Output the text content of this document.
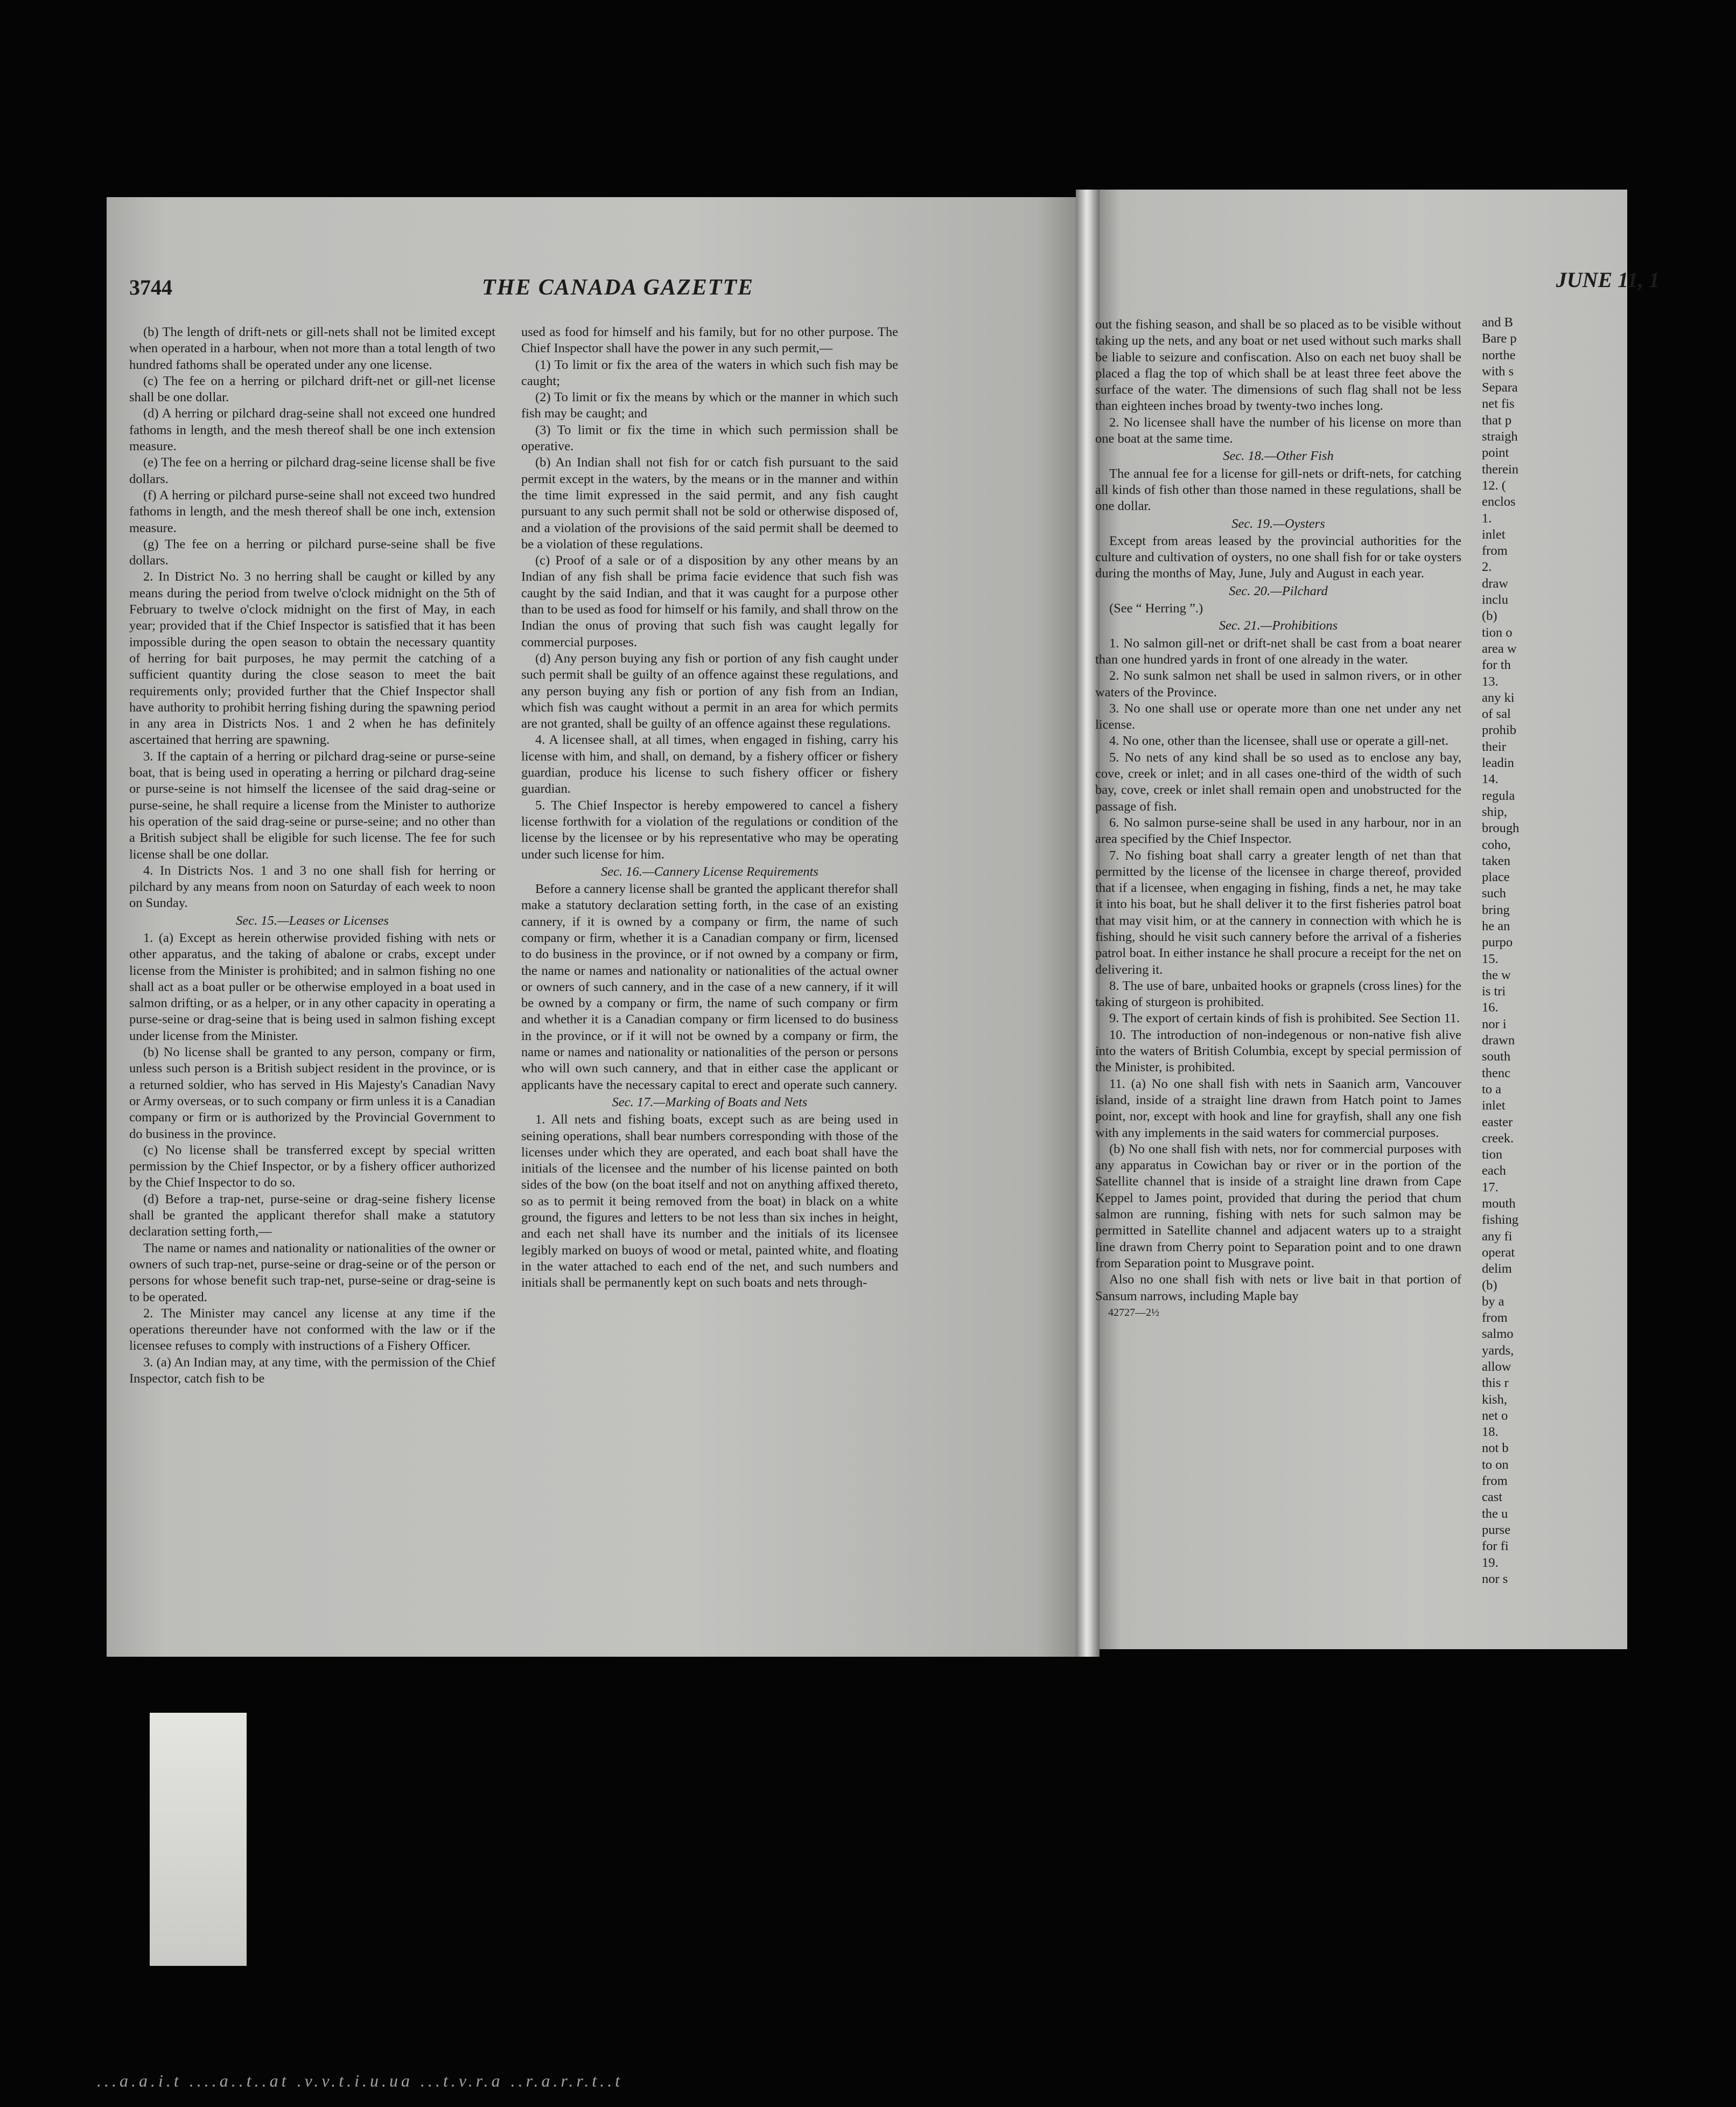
3744	THE CANADA GAZETTE

(b) The length of drift-nets or gill-nets shall not be limited except when operated in a harbour, when not more than a total length of two hundred fathoms shall be operated under any one license.

(c) The fee on a herring or pilchard drift-net or gill-net license shall be one dollar.

(d) A herring or pilchard drag-seine shall not exceed one hundred fathoms in length, and the mesh thereof shall be one inch extension measure.

(e) The fee on a herring or pilchard drag-seine license shall be five dollars.

(f) A herring or pilchard purse-seine shall not exceed two hundred fathoms in length, and the mesh thereof shall be one inch, extension measure.

(g) The fee on a herring or pilchard purse-seine shall be five dollars.

2. In District No. 3 no herring shall be caught or killed by any means during the period from twelve o'clock midnight on the 5th of February to twelve o'clock midnight on the first of May, in each year; provided that if the Chief Inspector is satisfied that it has been impossible during the open season to obtain the necessary quantity of herring for bait purposes, he may permit the catching of a sufficient quantity during the close season to meet the bait requirements only; provided further that the Chief Inspector shall have authority to prohibit herring fishing during the spawning period in any area in Districts Nos. 1 and 2 when he has definitely ascertained that herring are spawning.

3. If the captain of a herring or pilchard drag-seine or purse-seine boat, that is being used in operating a herring or pilchard drag-seine or purse-seine is not himself the licensee of the said drag-seine or purse-seine, he shall require a license from the Minister to authorize his operation of the said drag-seine or purse-seine; and no other than a British subject shall be eligible for such license. The fee for such license shall be one dollar.

4. In Districts Nos. 1 and 3 no one shall fish for herring or pilchard by any means from noon on Saturday of each week to noon on Sunday.

Sec. 15.—Leases or Licenses

1. (a) Except as herein otherwise provided fishing with nets or other apparatus, and the taking of abalone or crabs, except under license from the Minister is prohibited; and in salmon fishing no one shall act as a boat puller or be otherwise employed in a boat used in salmon drifting, or as a helper, or in any other capacity in operating a purse-seine or drag-seine that is being used in salmon fishing except under license from the Minister.

(b) No license shall be granted to any person, company or firm, unless such person is a British subject resident in the province, or is a returned soldier, who has served in His Majesty's Canadian Navy or Army overseas, or to such company or firm unless it is a Canadian company or firm or is authorized by the Provincial Government to do business in the province.

(c) No license shall be transferred except by special written permission by the Chief Inspector, or by a fishery officer authorized by the Chief Inspector to do so.

(d) Before a trap-net, purse-seine or drag-seine fishery license shall be granted the applicant therefor shall make a statutory declaration setting forth,—

The name or names and nationality or nationalities of the owner or owners of such trap-net, purse-seine or drag-seine or of the person or persons for whose benefit such trap-net, purse-seine or drag-seine is to be operated.

2. The Minister may cancel any license at any time if the operations thereunder have not conformed with the law or if the licensee refuses to comply with instructions of a Fishery Officer.

3. (a) An Indian may, at any time, with the permission of the Chief Inspector, catch fish to be

used as food for himself and his family, but for no other purpose. The Chief Inspector shall have the power in any such permit,—

(1) To limit or fix the area of the waters in which such fish may be caught;

(2) To limit or fix the means by which or the manner in which such fish may be caught; and

(3) To limit or fix the time in which such permission shall be operative.

(b) An Indian shall not fish for or catch fish pursuant to the said permit except in the waters, by the means or in the manner and within the time limit expressed in the said permit, and any fish caught pursuant to any such permit shall not be sold or otherwise disposed of, and a violation of the provisions of the said permit shall be deemed to be a violation of these regulations.

(c) Proof of a sale or of a disposition by any other means by an Indian of any fish shall be prima facie evidence that such fish was caught by the said Indian, and that it was caught for a purpose other than to be used as food for himself or his family, and shall throw on the Indian the onus of proving that such fish was caught legally for commercial purposes.

(d) Any person buying any fish or portion of any fish caught under such permit shall be guilty of an offence against these regulations, and any person buying any fish or portion of any fish from an Indian, which fish was caught without a permit in an area for which permits are not granted, shall be guilty of an offence against these regulations.

4. A licensee shall, at all times, when engaged in fishing, carry his license with him, and shall, on demand, by a fishery officer or fishery guardian, produce his license to such fishery officer or fishery guardian.

5. The Chief Inspector is hereby empowered to cancel a fishery license forthwith for a violation of the regulations or condition of the license by the licensee or by his representative who may be operating under such license for him.

Sec. 16.—Cannery License Requirements

Before a cannery license shall be granted the applicant therefor shall make a statutory declaration setting forth, in the case of an existing cannery, if it is owned by a company or firm, the name of such company or firm, whether it is a Canadian company or firm, licensed to do business in the province, or if not owned by a company or firm, the name or names and nationality or nationalities of the actual owner or owners of such cannery, and in the case of a new cannery, if it will be owned by a company or firm, the name of such company or firm and whether it is a Canadian company or firm licensed to do business in the province, or if it will not be owned by a company or firm, the name or names and nationality or nationalities of the person or persons who will own such cannery, and that in either case the applicant or applicants have the necessary capital to erect and operate such cannery.

Sec. 17.—Marking of Boats and Nets

1. All nets and fishing boats, except such as are being used in seining operations, shall bear numbers corresponding with those of the licenses under which they are operated, and each boat shall have the initials of the licensee and the number of his license painted on both sides of the bow (on the boat itself and not on anything affixed thereto, so as to permit it being removed from the boat) in black on a white ground, the figures and letters to be not less than six inches in height, and each net shall have its number and the initials of its licensee legibly marked on buoys of wood or metal, painted white, and floating in the water attached to each end of the net, and such numbers and initials shall be permanently kept on such boats and nets through-

JUNE 11, 1

out the fishing season, and shall be so placed as to be visible without taking up the nets, and any boat or net used without such marks shall be liable to seizure and confiscation. Also on each net buoy shall be placed a flag the top of which shall be at least three feet above the surface of the water. The dimensions of such flag shall not be less than eighteen inches broad by twenty-two inches long.

2. No licensee shall have the number of his license on more than one boat at the same time.

Sec. 18.—Other Fish

The annual fee for a license for gill-nets or drift-nets, for catching all kinds of fish other than those named in these regulations, shall be one dollar.

Sec. 19.—Oysters

Except from areas leased by the provincial authorities for the culture and cultivation of oysters, no one shall fish for or take oysters during the months of May, June, July and August in each year.

Sec. 20.—Pilchard

(See “ Herring ”.)

Sec. 21.—Prohibitions

1. No salmon gill-net or drift-net shall be cast from a boat nearer than one hundred yards in front of one already in the water.

2. No sunk salmon net shall be used in salmon rivers, or in other waters of the Province.

3. No one shall use or operate more than one net under any net license.

4. No one, other than the licensee, shall use or operate a gill-net.

5. No nets of any kind shall be so used as to enclose any bay, cove, creek or inlet; and in all cases one-third of the width of such bay, cove, creek or inlet shall remain open and unobstructed for the passage of fish.

6. No salmon purse-seine shall be used in any harbour, nor in an area specified by the Chief Inspector.

7. No fishing boat shall carry a greater length of net than that permitted by the license of the licensee in charge thereof, provided that if a licensee, when engaging in fishing, finds a net, he may take it into his boat, but he shall deliver it to the first fisheries patrol boat that may visit him, or at the cannery in connection with which he is fishing, should he visit such cannery before the arrival of a fisheries patrol boat. In either instance he shall procure a receipt for the net on delivering it.

8. The use of bare, unbaited hooks or grapnels (cross lines) for the taking of sturgeon is prohibited.

9. The export of certain kinds of fish is prohibited. See Section 11.

10. The introduction of non-indegenous or non-native fish alive into the waters of British Columbia, except by special permission of the Minister, is prohibited.

11. (a) No one shall fish with nets in Saanich arm, Vancouver island, inside of a straight line drawn from Hatch point to James point, nor, except with hook and line for grayfish, shall any one fish with any implements in the said waters for commercial purposes.

(b) No one shall fish with nets, nor for commercial purposes with any apparatus in Cowichan bay or river or in the portion of the Satellite channel that is inside of a straight line drawn from Cape Keppel to James point, provided that during the period that chum salmon are running, fishing with nets for such salmon may be permitted in Satellite channel and adjacent waters up to a straight line drawn from Cherry point to Separation point and to one drawn from Separation point to Musgrave point.

Also no one shall fish with nets or live bait in that portion of Sansum narrows, including Maple bay

42727—2½

and B
Bare p
northe
with s
Separa
net fis
that p
straigh
point
therein
12. (
enclos
1.
inlet
from
2.
draw
inclu
(b)
tion o
area w
for th
13.
any ki
of sal
prohib
their
leadin
14.
regula
ship,
brough
coho,
taken
place
such
bring
he an
purpo
15.
the w
is tri
16.
nor i
drawn
south
thenc
to a
inlet
easter
creek.
tion
each
17.
mouth
fishing
any fi
operat
delim
(b)
by a
from
salmo
yards,
allow
this r
kish,
net o
18.
not b
to on
from
cast
the u
purse
for fi
19.
nor s
...a.a.i.t ....a..t..at .v.v.t.i.u.ua ...t.v.r.a ..r.a.r.r.t..t
